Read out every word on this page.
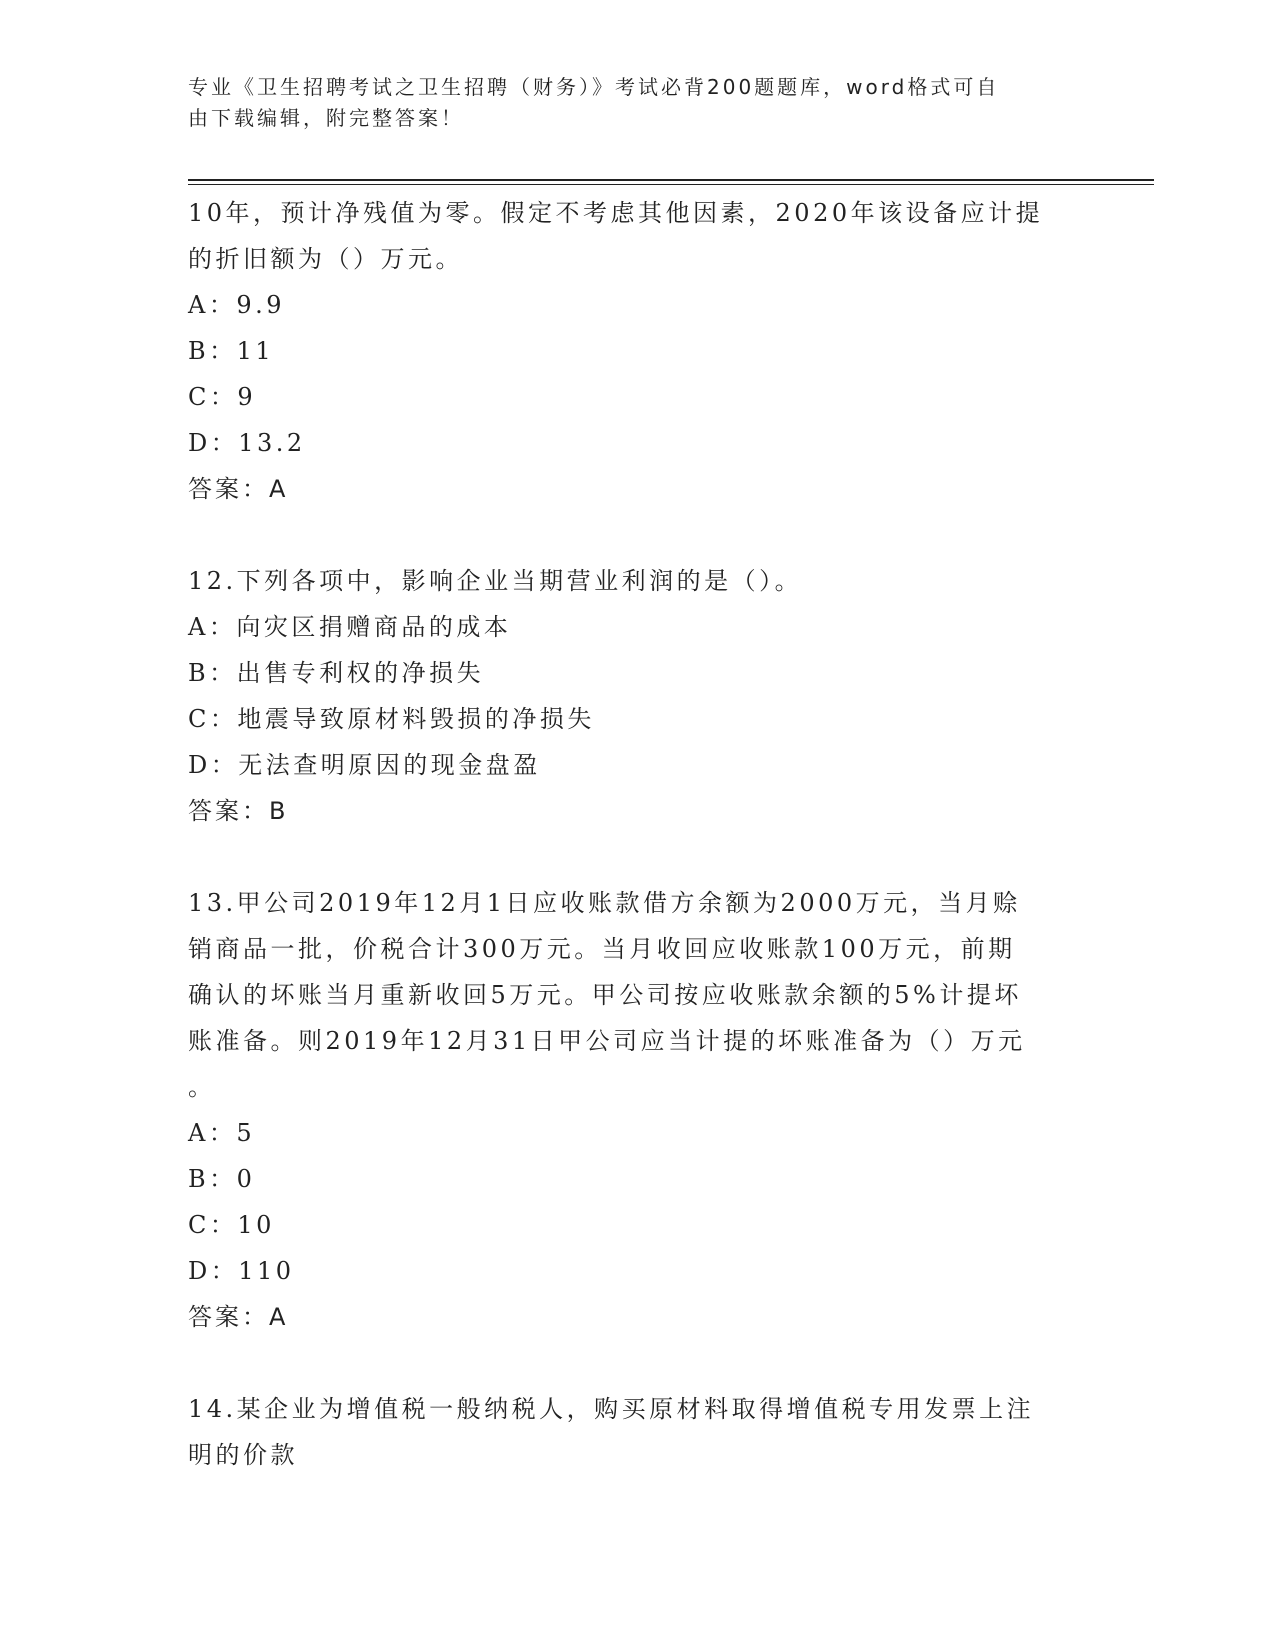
专业《卫生招聘考试之卫生招聘（财务）》考试必背200题题库，word格式可自
由下载编辑，附完整答案！
10年，预计净残值为零。假定不考虑其他因素，2020年该设备应计提
的折旧额为（）万元。
A：9.9
B：11
C：9
D：13.2
答案：A
12.下列各项中，影响企业当期营业利润的是（）。
A：向灾区捐赠商品的成本
B：出售专利权的净损失
C：地震导致原材料毁损的净损失
D：无法查明原因的现金盘盈
答案：B
13.甲公司2019年12月1日应收账款借方余额为2000万元，当月赊
销商品一批，价税合计300万元。当月收回应收账款100万元，前期
确认的坏账当月重新收回5万元。甲公司按应收账款余额的5%计提坏
账准备。则2019年12月31日甲公司应当计提的坏账准备为（）万元
。
A：5
B：0
C：10
D：110
答案：A
14.某企业为增值税一般纳税人，购买原材料取得增值税专用发票上注
明的价款
